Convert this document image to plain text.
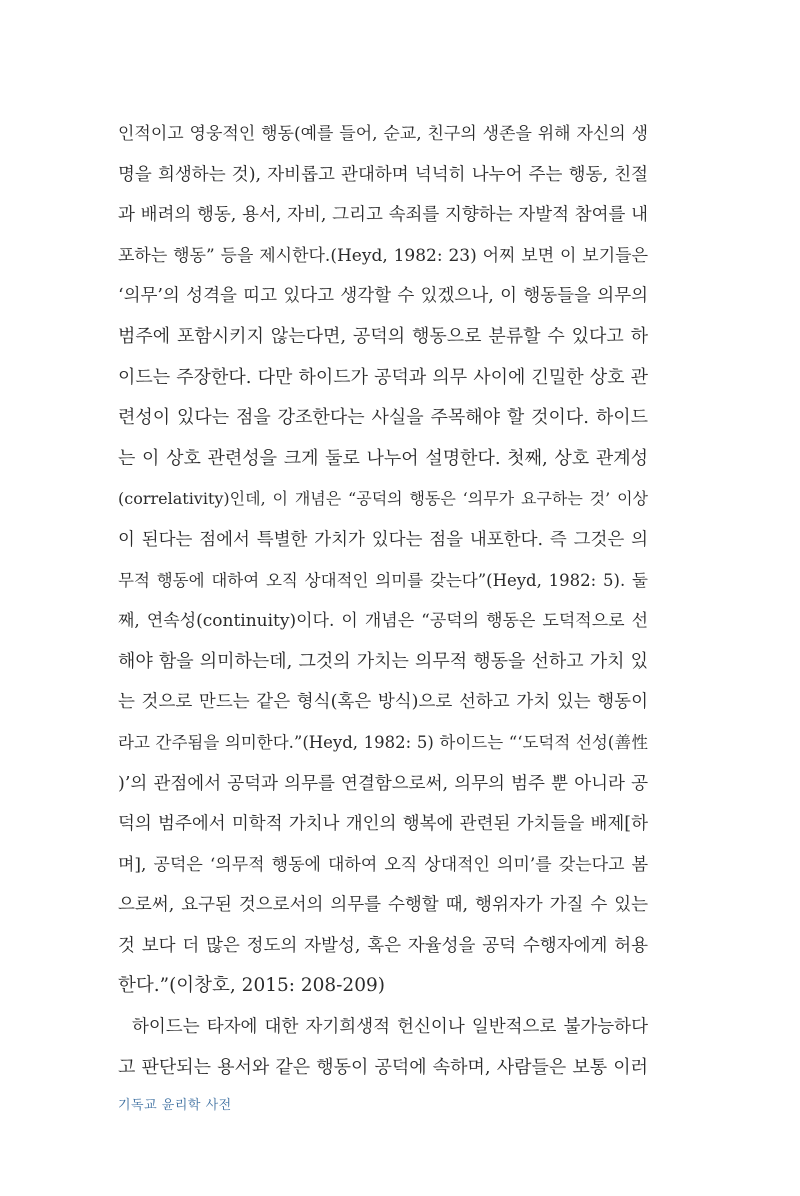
인적이고 영웅적인 행동(예를 들어, 순교, 친구의 생존을 위해 자신의 생
명을 희생하는 것), 자비롭고 관대하며 넉넉히 나누어 주는 행동, 친절
과 배려의 행동, 용서, 자비, 그리고 속죄를 지향하는 자발적 참여를 내
포하는 행동” 등을 제시한다.(Heyd, 1982: 23) 어찌 보면 이 보기들은
‘의무’의 성격을 띠고 있다고 생각할 수 있겠으나, 이 행동들을 의무의
범주에 포함시키지 않는다면, 공덕의 행동으로 분류할 수 있다고 하
이드는 주장한다. 다만 하이드가 공덕과 의무 사이에 긴밀한 상호 관
련성이 있다는 점을 강조한다는 사실을 주목해야 할 것이다. 하이드
는 이 상호 관련성을 크게 둘로 나누어 설명한다. 첫째, 상호 관계성
(correlativity)인데, 이 개념은 “공덕의 행동은 ‘의무가 요구하는 것’ 이상
이 된다는 점에서 특별한 가치가 있다는 점을 내포한다. 즉 그것은 의
무적 행동에 대하여 오직 상대적인 의미를 갖는다”(Heyd, 1982: 5). 둘
째, 연속성(continuity)이다. 이 개념은 “공덕의 행동은 도덕적으로 선
해야 함을 의미하는데, 그것의 가치는 의무적 행동을 선하고 가치 있
는 것으로 만드는 같은 형식(혹은 방식)으로 선하고 가치 있는 행동이
라고 간주됨을 의미한다.”(Heyd, 1982: 5) 하이드는 “‘도덕적 선성(善性
)’의 관점에서 공덕과 의무를 연결함으로써, 의무의 범주 뿐 아니라 공
덕의 범주에서 미학적 가치나 개인의 행복에 관련된 가치들을 배제[하
며], 공덕은 ‘의무적 행동에 대하여 오직 상대적인 의미’를 갖는다고 봄
으로써, 요구된 것으로서의 의무를 수행할 때, 행위자가 가질 수 있는
것 보다 더 많은 정도의 자발성, 혹은 자율성을 공덕 수행자에게 허용
한다.”(이창호, 2015: 208-209)
하이드는 타자에 대한 자기희생적 헌신이나 일반적으로 불가능하다
고 판단되는 용서와 같은 행동이 공덕에 속하며, 사람들은 보통 이러
기독교 윤리학 사전
